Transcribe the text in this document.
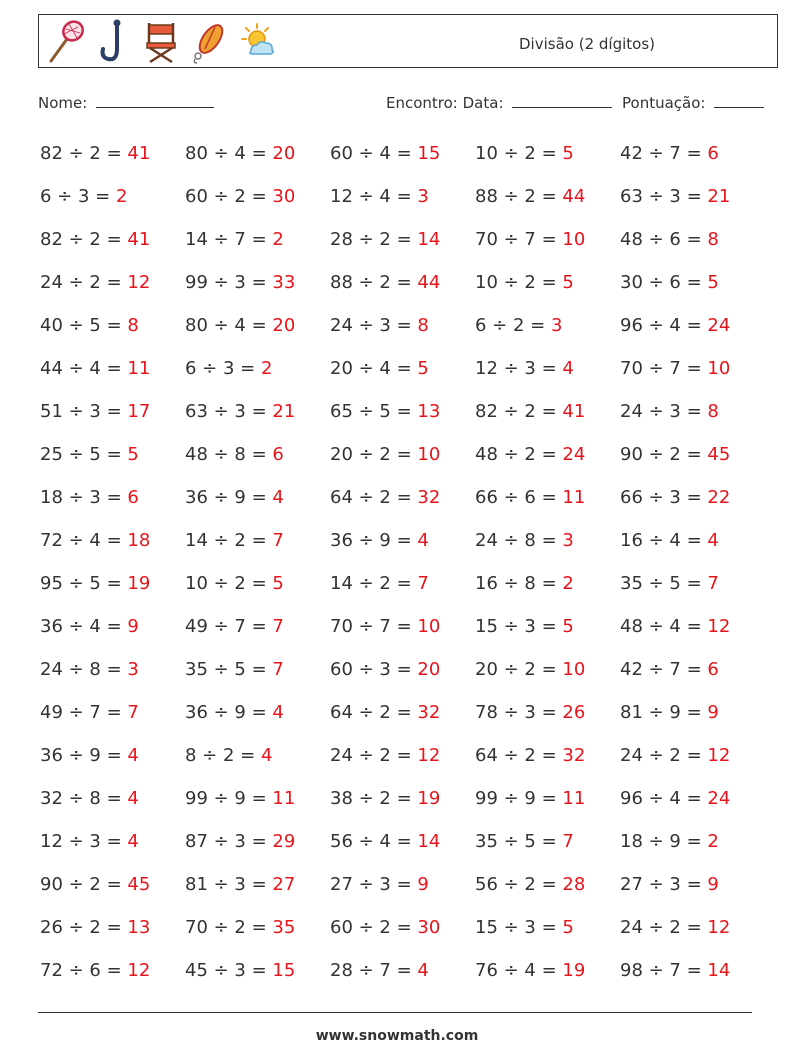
Divisão (2 dígitos)
Nome:	Encontro: Data:	Pontuação:
82 ÷ 2 = 41 80 ÷ 4 = 20 60 ÷ 4 = 15 10 ÷ 2 = 5	42 ÷ 7 = 6
6 ÷ 3 = 2	60 ÷ 2 = 30 12 ÷ 4 = 3	88 ÷ 2 = 44 63 ÷ 3 = 21
82 ÷ 2 = 41 14 ÷ 7 = 2	28 ÷ 2 = 14 70 ÷ 7 = 10 48 ÷ 6 = 8
24 ÷ 2 = 12 99 ÷ 3 = 33 88 ÷ 2 = 44 10 ÷ 2 = 5	30 ÷ 6 = 5
40 ÷ 5 = 8	80 ÷ 4 = 20 24 ÷ 3 = 8	6 ÷ 2 = 3	96 ÷ 4 = 24
44 ÷ 4 = 11 6 ÷ 3 = 2	20 ÷ 4 = 5	12 ÷ 3 = 4	70 ÷ 7 = 10
51 ÷ 3 = 17 63 ÷ 3 = 21 65 ÷ 5 = 13 82 ÷ 2 = 41 24 ÷ 3 = 8
25 ÷ 5 = 5	48 ÷ 8 = 6	20 ÷ 2 = 10 48 ÷ 2 = 24 90 ÷ 2 = 45
18 ÷ 3 = 6	36 ÷ 9 = 4	64 ÷ 2 = 32 66 ÷ 6 = 11 66 ÷ 3 = 22
72 ÷ 4 = 18 14 ÷ 2 = 7	36 ÷ 9 = 4	24 ÷ 8 = 3	16 ÷ 4 = 4
95 ÷ 5 = 19 10 ÷ 2 = 5	14 ÷ 2 = 7	16 ÷ 8 = 2	35 ÷ 5 = 7
36 ÷ 4 = 9	49 ÷ 7 = 7	70 ÷ 7 = 10 15 ÷ 3 = 5	48 ÷ 4 = 12
24 ÷ 8 = 3	35 ÷ 5 = 7	60 ÷ 3 = 20 20 ÷ 2 = 10 42 ÷ 7 = 6
49 ÷ 7 = 7	36 ÷ 9 = 4	64 ÷ 2 = 32 78 ÷ 3 = 26 81 ÷ 9 = 9
36 ÷ 9 = 4	8 ÷ 2 = 4	24 ÷ 2 = 12 64 ÷ 2 = 32 24 ÷ 2 = 12
32 ÷ 8 = 4	99 ÷ 9 = 11 38 ÷ 2 = 19 99 ÷ 9 = 11 96 ÷ 4 = 24
12 ÷ 3 = 4	87 ÷ 3 = 29 56 ÷ 4 = 14 35 ÷ 5 = 7	18 ÷ 9 = 2
90 ÷ 2 = 45 81 ÷ 3 = 27 27 ÷ 3 = 9	56 ÷ 2 = 28 27 ÷ 3 = 9
26 ÷ 2 = 13 70 ÷ 2 = 35 60 ÷ 2 = 30 15 ÷ 3 = 5	24 ÷ 2 = 12
72 ÷ 6 = 12 45 ÷ 3 = 15 28 ÷ 7 = 4	76 ÷ 4 = 19 98 ÷ 7 = 14
www.snowmath.com
